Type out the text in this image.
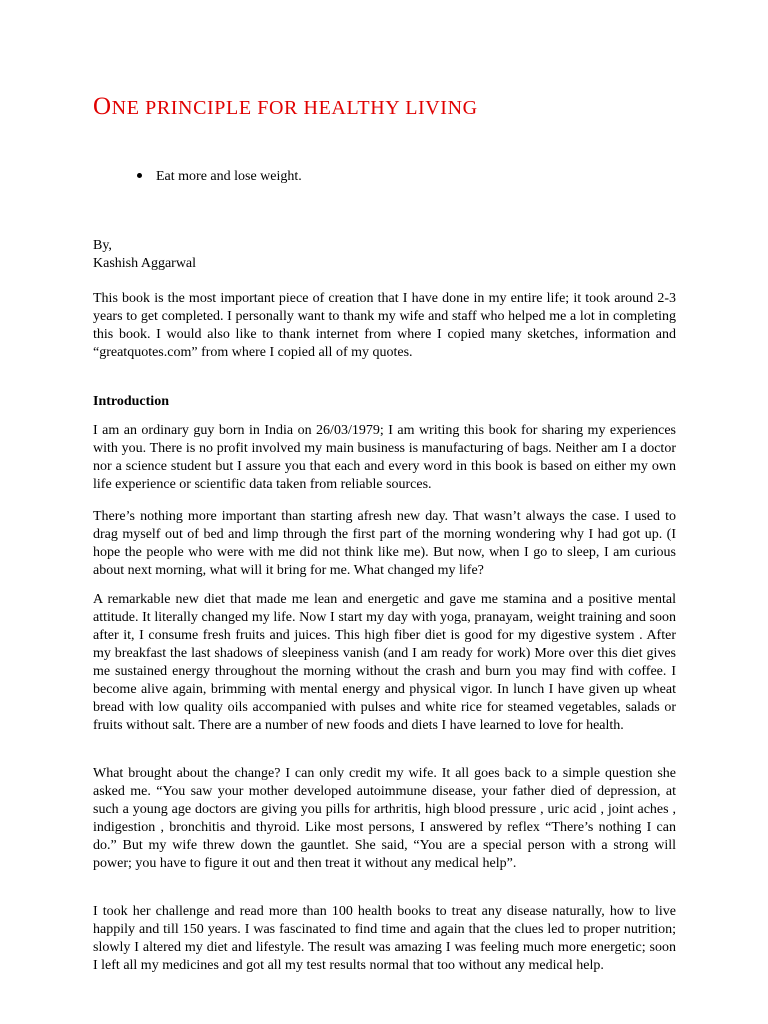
ONE PRINCIPLE FOR HEALTHY LIVING
Eat more and lose weight.
By,
Kashish Aggarwal

This book is the most important piece of creation that I have done in my entire life; it took around 2-3 years to get completed. I personally want to thank my wife and staff who helped me a lot in completing this book. I would also like to thank internet from where I copied many sketches, information and “greatquotes.com” from where I copied all of my quotes.

Introduction

I am an ordinary guy born in India on 26/03/1979; I am writing this book for sharing my experiences with you. There is no profit involved my main business is manufacturing of bags. Neither am I a doctor nor a science student but I assure you that each and every word in this book is based on either my own life experience or scientific data taken from reliable sources.

There’s nothing more important than starting afresh new day. That wasn’t always the case. I used to drag myself out of bed and limp through the first part of the morning wondering why I had got up. (I hope the people who were with me did not think like me). But now, when I go to sleep, I am curious about next morning, what will it bring for me. What changed my life?

A remarkable new diet that made me lean and energetic and gave me stamina and a positive mental attitude. It literally changed my life. Now I start my day with yoga, pranayam, weight training and soon after it, I consume fresh fruits and juices. This high fiber diet is good for my digestive system . After my breakfast the last shadows of sleepiness vanish (and I am ready for work) More over this diet gives me sustained energy throughout the morning without the crash and burn you may find with coffee. I become alive again, brimming with mental energy and physical vigor. In lunch I have given up wheat bread with low quality oils accompanied with pulses and white rice for steamed vegetables, salads or fruits without salt. There are a number of new foods and diets I have learned to love for health.

What brought about the change? I can only credit my wife. It all goes back to a simple question she asked me. “You saw your mother developed autoimmune disease, your father died of depression, at such a young age doctors are giving you pills for arthritis, high blood pressure , uric acid , joint aches , indigestion , bronchitis and thyroid. Like most persons, I answered by reflex “There’s nothing I can do.” But my wife threw down the gauntlet. She said, “You are a special person with a strong will power; you have to figure it out and then treat it without any medical help”.

I took her challenge and read more than 100 health books to treat any disease naturally, how to live happily and till 150 years. I was fascinated to find time and again that the clues led to proper nutrition; slowly I altered my diet and lifestyle. The result was amazing I was feeling much more energetic; soon I left all my medicines and got all my test results normal that too without any medical help.
